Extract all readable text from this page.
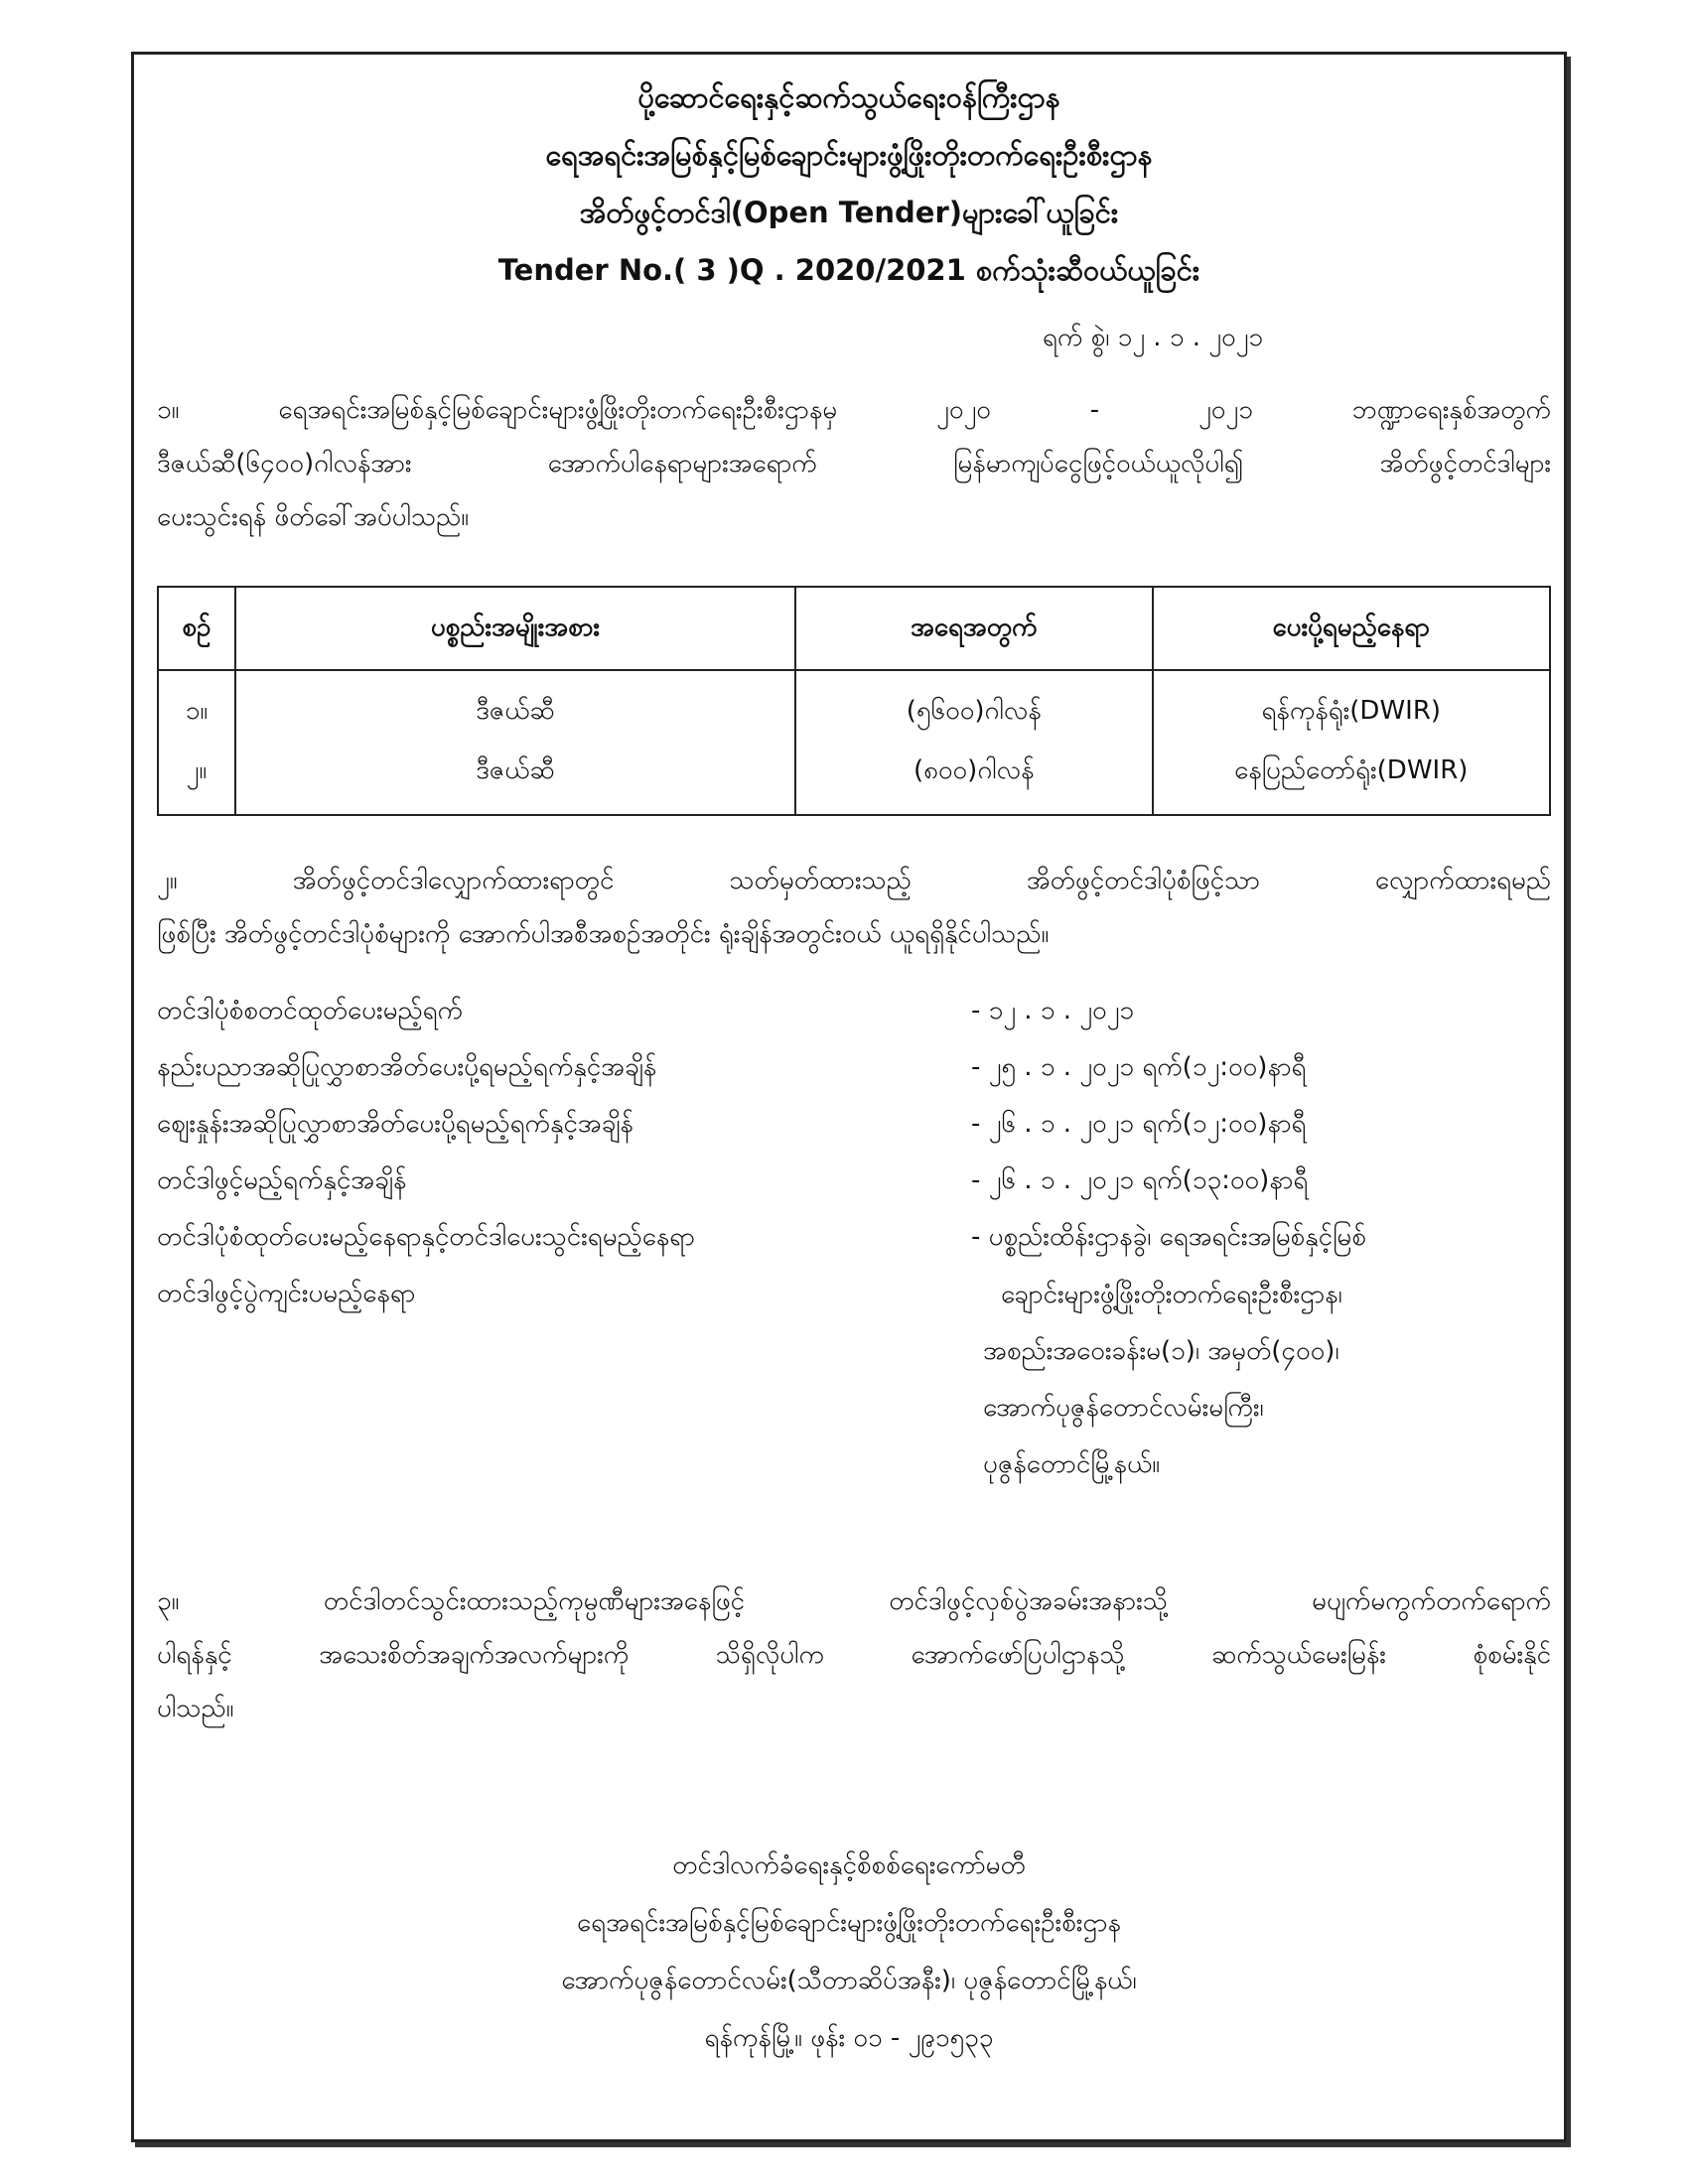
ပို့ဆောင်ရေးနှင့်ဆက်သွယ်ရေးဝန်ကြီးဌာန
ရေအရင်းအမြစ်နှင့်မြစ်ချောင်းများဖွံ့ဖြိုးတိုးတက်ရေးဦးစီးဌာန
အိတ်ဖွင့်တင်ဒါ(Open Tender)များခေါ်ယူခြင်း
Tender No.( 3 )Q . 2020/2021 စက်သုံးဆီဝယ်ယူခြင်း
ရက် စွဲ၊ ၁၂ . ၁ . ၂၀၂၁
၁။ ရေအရင်းအမြစ်နှင့်မြစ်ချောင်းများဖွံ့ဖြိုးတိုးတက်ရေးဦးစီးဌာနမှ ၂၀၂၀ - ၂၀၂၁ ဘဏ္ဍာရေးနှစ်အတွက်
ဒီဇယ်ဆီ(၆၄၀၀)ဂါလန်အား အောက်ပါနေရာများအရောက် မြန်မာကျပ်ငွေဖြင့်ဝယ်ယူလိုပါ၍ အိတ်ဖွင့်တင်ဒါများ
ပေးသွင်းရန် ဖိတ်ခေါ်အပ်ပါသည်။
စဉ်	ပစ္စည်းအမျိုးအစား	အရေအတွက်	ပေးပို့ရမည့်နေရာ
၁။	ဒီဇယ်ဆီ	(၅၆၀၀)ဂါလန်	ရန်ကုန်ရုံး(DWIR)
၂။	ဒီဇယ်ဆီ	(၈၀၀)ဂါလန်	နေပြည်တော်ရုံး(DWIR)
၂။ အိတ်ဖွင့်တင်ဒါလျှောက်ထားရာတွင် သတ်မှတ်ထားသည့် အိတ်ဖွင့်တင်ဒါပုံစံဖြင့်သာ လျှောက်ထားရမည်
ဖြစ်ပြီး အိတ်ဖွင့်တင်ဒါပုံစံများကို အောက်ပါအစီအစဉ်အတိုင်း ရုံးချိန်အတွင်းဝယ် ယူရရှိနိုင်ပါသည်။
တင်ဒါပုံစံစတင်ထုတ်ပေးမည့်ရက်	- ၁၂ . ၁ . ၂၀၂၁
နည်းပညာအဆိုပြုလွှာစာအိတ်ပေးပို့ရမည့်ရက်နှင့်အချိန်	- ၂၅ . ၁ . ၂၀၂၁ ရက်(၁၂:၀၀)နာရီ
ဈေးနှုန်းအဆိုပြုလွှာစာအိတ်ပေးပို့ရမည့်ရက်နှင့်အချိန်	- ၂၆ . ၁ . ၂၀၂၁ ရက်(၁၂:၀၀)နာရီ
တင်ဒါဖွင့်မည့်ရက်နှင့်အချိန်	- ၂၆ . ၁ . ၂၀၂၁ ရက်(၁၃:၀၀)နာရီ
တင်ဒါပုံစံထုတ်ပေးမည့်နေရာနှင့်တင်ဒါပေးသွင်းရမည့်နေရာ	- ပစ္စည်းထိန်းဌာနခွဲ၊ ရေအရင်းအမြစ်နှင့်မြစ်
တင်ဒါဖွင့်ပွဲကျင်းပမည့်နေရာ	ချောင်းများဖွံ့ဖြိုးတိုးတက်ရေးဦးစီးဌာန၊
အစည်းအဝေးခန်းမ(၁)၊ အမှတ်(၄၀၀)၊
အောက်ပုဇွန်တောင်လမ်းမကြီး၊
ပုဇွန်တောင်မြို့နယ်။
၃။ တင်ဒါတင်သွင်းထားသည့်ကုမ္ပဏီများအနေဖြင့် တင်ဒါဖွင့်လှစ်ပွဲအခမ်းအနားသို့ မပျက်မကွက်တက်ရောက်
ပါရန်နှင့် အသေးစိတ်အချက်အလက်များကို သိရှိလိုပါက အောက်ဖော်ပြပါဌာနသို့ ဆက်သွယ်မေးမြန်း စုံစမ်းနိုင်
ပါသည်။
တင်ဒါလက်ခံရေးနှင့်စိစစ်ရေးကော်မတီ
ရေအရင်းအမြစ်နှင့်မြစ်ချောင်းများဖွံ့ဖြိုးတိုးတက်ရေးဦးစီးဌာန
အောက်ပုဇွန်တောင်လမ်း(သီတာဆိပ်အနီး)၊ ပုဇွန်တောင်မြို့နယ်၊
ရန်ကုန်မြို့။ ဖုန်း ၀၁ - ၂၉၁၅၃၃
